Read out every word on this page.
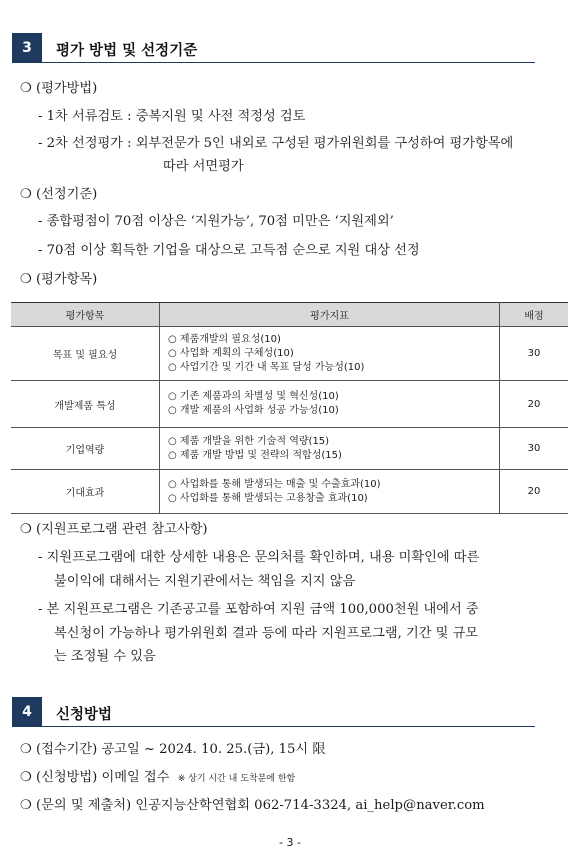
3	평가 방법 및 선정기준
❍ (평가방법)
- 1차 서류검토 : 중복지원 및 사전 적정성 검토
- 2차 선정평가 : 외부전문가 5인 내외로 구성된 평가위원회를 구성하여 평가항목에
따라 서면평가
❍ (선정기준)
- 종합평점이 70점 이상은 ‘지원가능’, 70점 미만은 ‘지원제외’
- 70점 이상 획득한 기업을 대상으로 고득점 순으로 지원 대상 선정
❍ (평가항목)
평가항목	평가지표	배점
목표 및 필요성	○ 제품개발의 필요성(10)
○ 사업화 계획의 구체성(10)
○ 사업기간 및 기간 내 목표 달성 가능성(10)	30
개발제품 특성	○ 기존 제품과의 차별성 및 혁신성(10)
○ 개발 제품의 사업화 성공 가능성(10)	20
기업역량	○ 제품 개발을 위한 기술적 역량(15)
○ 제품 개발 방법 및 전략의 적합성(15)	30
기대효과	○ 사업화를 통해 발생되는 매출 및 수출효과(10)
○ 사업화를 통해 발생되는 고용창출 효과(10)	20
❍ (지원프로그램 관련 참고사항)
- 지원프로그램에 대한 상세한 내용은 문의처를 확인하며, 내용 미확인에 따른
불이익에 대해서는 지원기관에서는 책임을 지지 않음
- 본 지원프로그램은 기존공고를 포함하여 지원 금액 100,000천원 내에서 중
복신청이 가능하나 평가위원회 결과 등에 따라 지원프로그램, 기간 및 규모
는 조정될 수 있음
4	신청방법
❍ (접수기간) 공고일 ~ 2024. 10. 25.(금), 15시 限
❍ (신청방법) 이메일 접수 ※ 상기 시간 내 도착분에 한함
❍ (문의 및 제출처) 인공지능산학연협회 062-714-3324, ai_help@naver.com
- 3 -
